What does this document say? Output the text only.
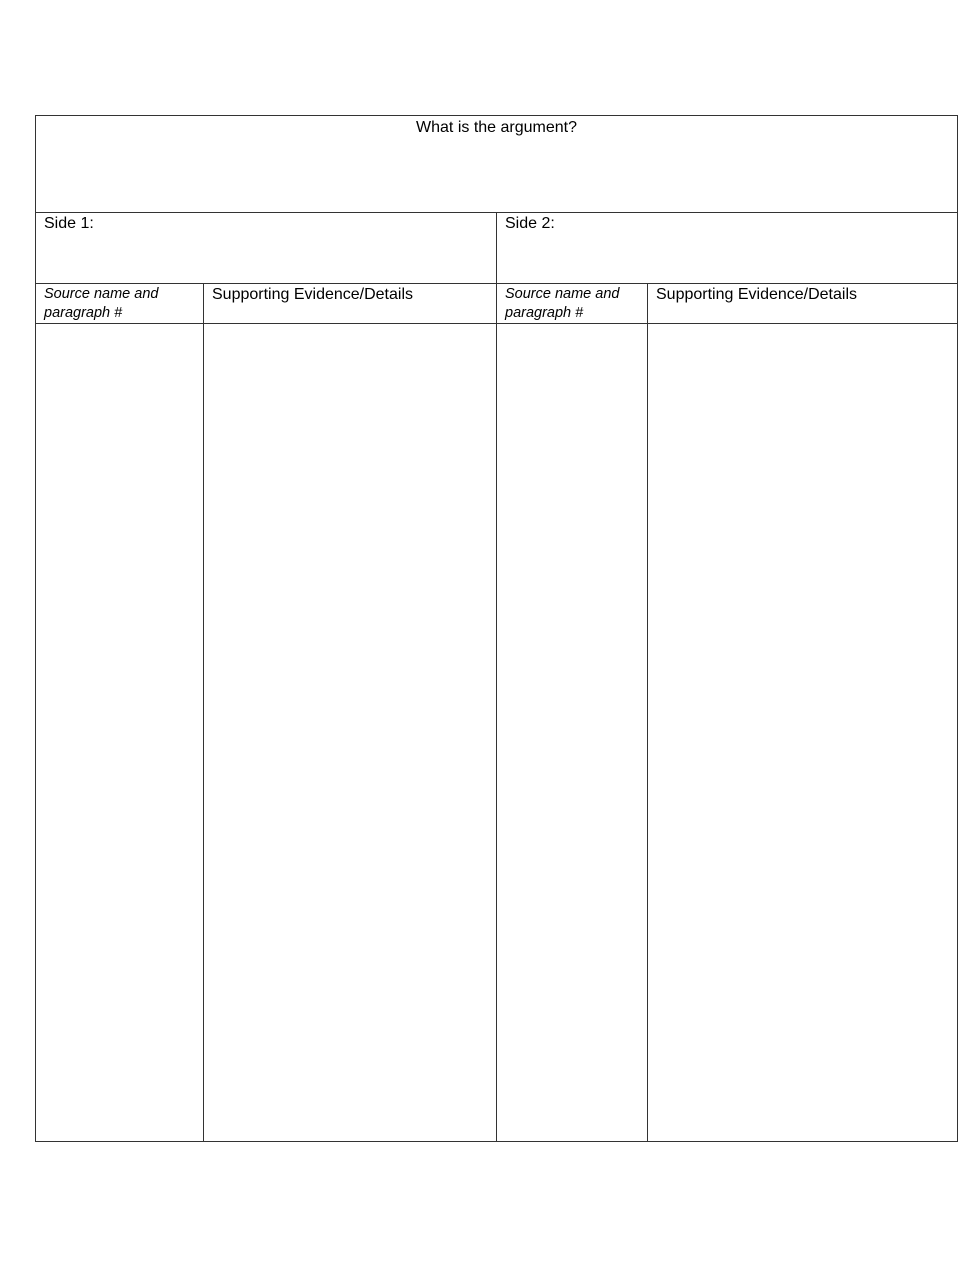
What is the argument?			
Side 1:		Side 2:	
Source name and paragraph #	Supporting Evidence/Details	Source name and paragraph #	Supporting Evidence/Details
